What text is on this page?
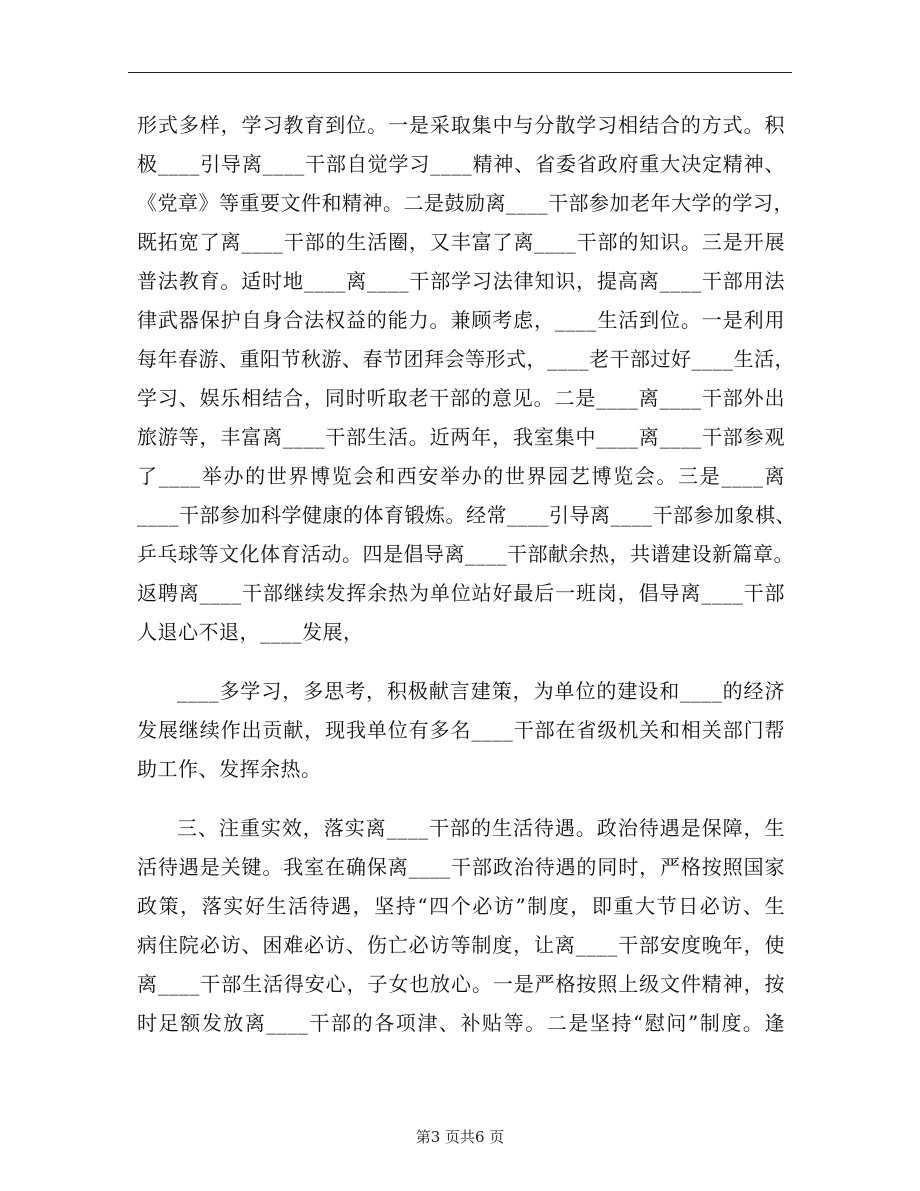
形式多样，学习教育到位。一是采取集中与分散学习相结合的方式。积
极____引导离____干部自觉学习____精神、省委省政府重大决定精神、
《党章》等重要文件和精神。二是鼓励离____干部参加老年大学的学习，
既拓宽了离____干部的生活圈，又丰富了离____干部的知识。三是开展
普法教育。适时地____离____干部学习法律知识，提高离____干部用法
律武器保护自身合法权益的能力。兼顾考虑，____生活到位。一是利用
每年春游、重阳节秋游、春节团拜会等形式，____老干部过好____生活，
学习、娱乐相结合，同时听取老干部的意见。二是____离____干部外出
旅游等，丰富离____干部生活。近两年，我室集中____离____干部参观
了____举办的世界博览会和西安举办的世界园艺博览会。三是____离
____干部参加科学健康的体育锻炼。经常____引导离____干部参加象棋、
乒乓球等文化体育活动。四是倡导离____干部献余热，共谱建设新篇章。
返聘离____干部继续发挥余热为单位站好最后一班岗，倡导离____干部
人退心不退，____发展，
____多学习，多思考，积极献言建策，为单位的建设和____的经济
发展继续作出贡献，现我单位有多名____干部在省级机关和相关部门帮
助工作、发挥余热。
三、注重实效，落实离____干部的生活待遇。政治待遇是保障，生
活待遇是关键。我室在确保离____干部政治待遇的同时，严格按照国家
政策，落实好生活待遇，坚持“四个必访”制度，即重大节日必访、生
病住院必访、困难必访、伤亡必访等制度，让离____干部安度晚年，使
离____干部生活得安心，子女也放心。一是严格按照上级文件精神，按
时足额发放离____干部的各项津、补贴等。二是坚持“慰问”制度。逢
第3 页共6 页
